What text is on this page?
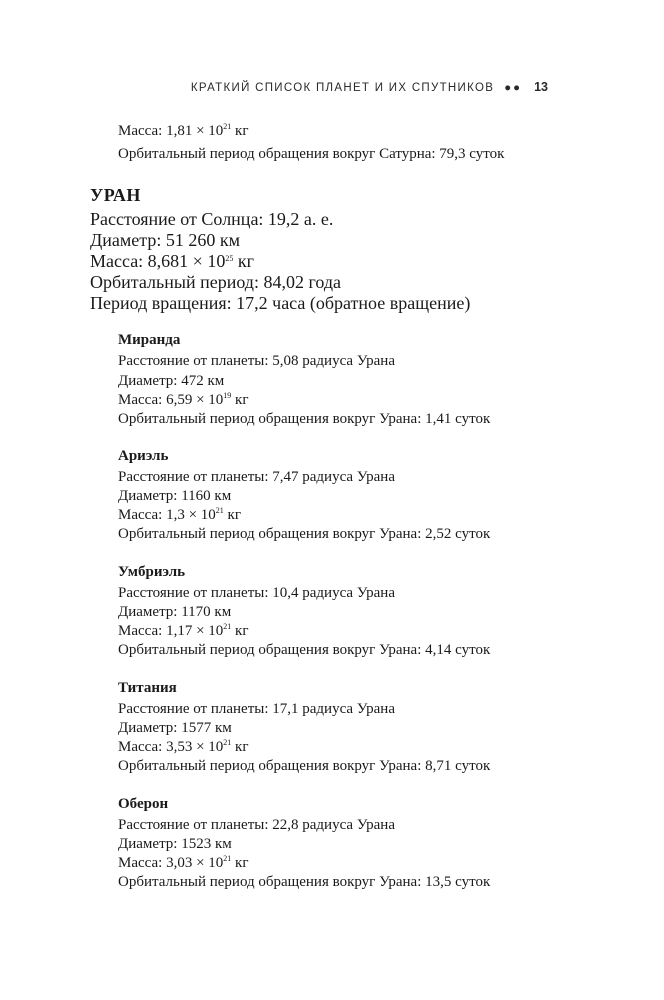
КРАТКИЙ СПИСОК ПЛАНЕТ И ИХ СПУТНИКОВ ●● 13
Масса: $1,81 \times 10^{21}$ кг
Орбитальный период обращения вокруг Сатурна: 79,3 суток
УРАН
Расстояние от Солнца: 19,2 а. е.
Диаметр: 51 260 км
Масса: $8,681 \times 10^{25}$ кг
Орбитальный период: 84,02 года
Период вращения: 17,2 часа (обратное вращение)
Миранда
Расстояние от планеты: 5,08 радиуса Урана
Диаметр: 472 км
Масса: $6,59 \times 10^{19}$ кг
Орбитальный период обращения вокруг Урана: 1,41 суток
Ариэль
Расстояние от планеты: 7,47 радиуса Урана
Диаметр: 1160 км
Масса: $1,3 \times 10^{21}$ кг
Орбитальный период обращения вокруг Урана: 2,52 суток
Умбриэль
Расстояние от планеты: 10,4 радиуса Урана
Диаметр: 1170 км
Масса: $1,17 \times 10^{21}$ кг
Орбитальный период обращения вокруг Урана: 4,14 суток
Титания
Расстояние от планеты: 17,1 радиуса Урана
Диаметр: 1577 км
Масса: $3,53 \times 10^{21}$ кг
Орбитальный период обращения вокруг Урана: 8,71 суток
Оберон
Расстояние от планеты: 22,8 радиуса Урана
Диаметр: 1523 км
Масса: $3,03 \times 10^{21}$ кг
Орбитальный период обращения вокруг Урана: 13,5 суток
